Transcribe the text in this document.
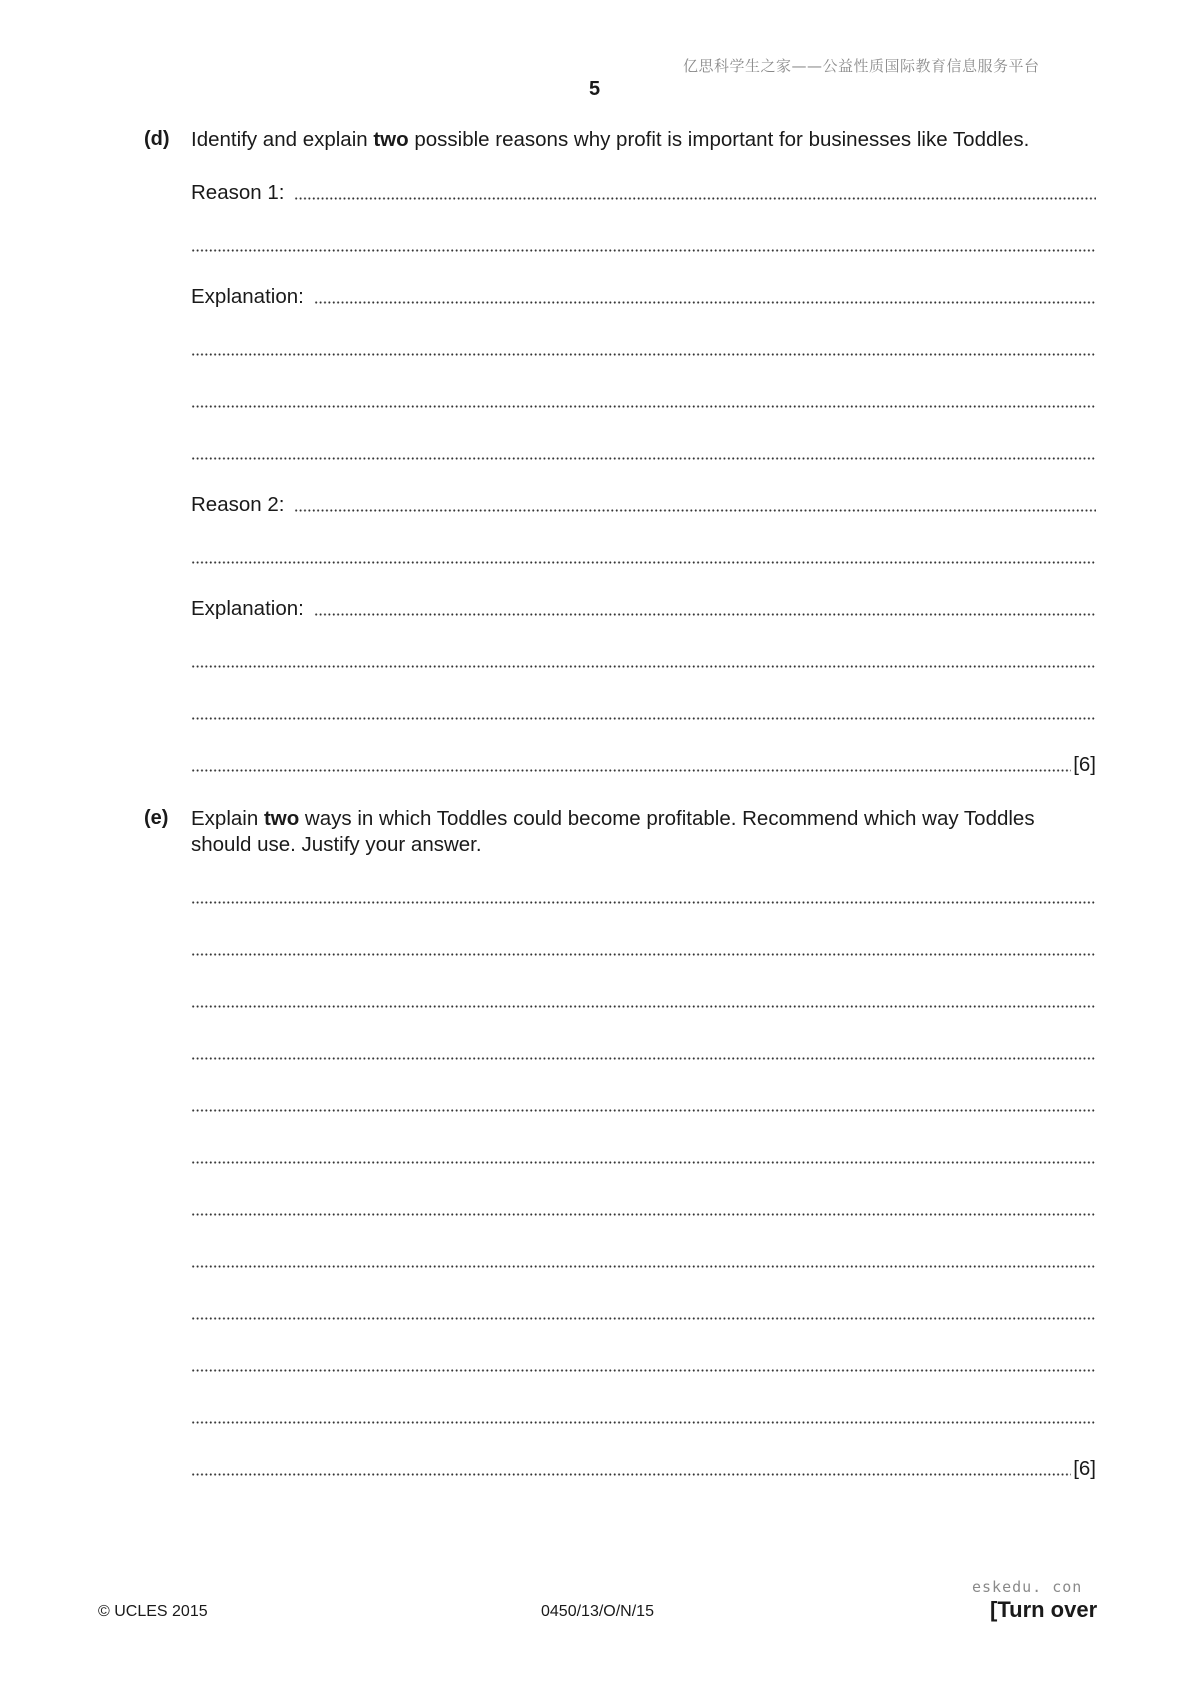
亿思科学生之家——公益性质国际教育信息服务平台
5
(d) Identify and explain two possible reasons why profit is important for businesses like Toddles.
Reason 1:
Explanation:
Reason 2:
Explanation:
[6]
(e) Explain two ways in which Toddles could become profitable. Recommend which way Toddles should use. Justify your answer.
[6]
eskedu. con
© UCLES 2015	0450/13/O/N/15	[Turn over
